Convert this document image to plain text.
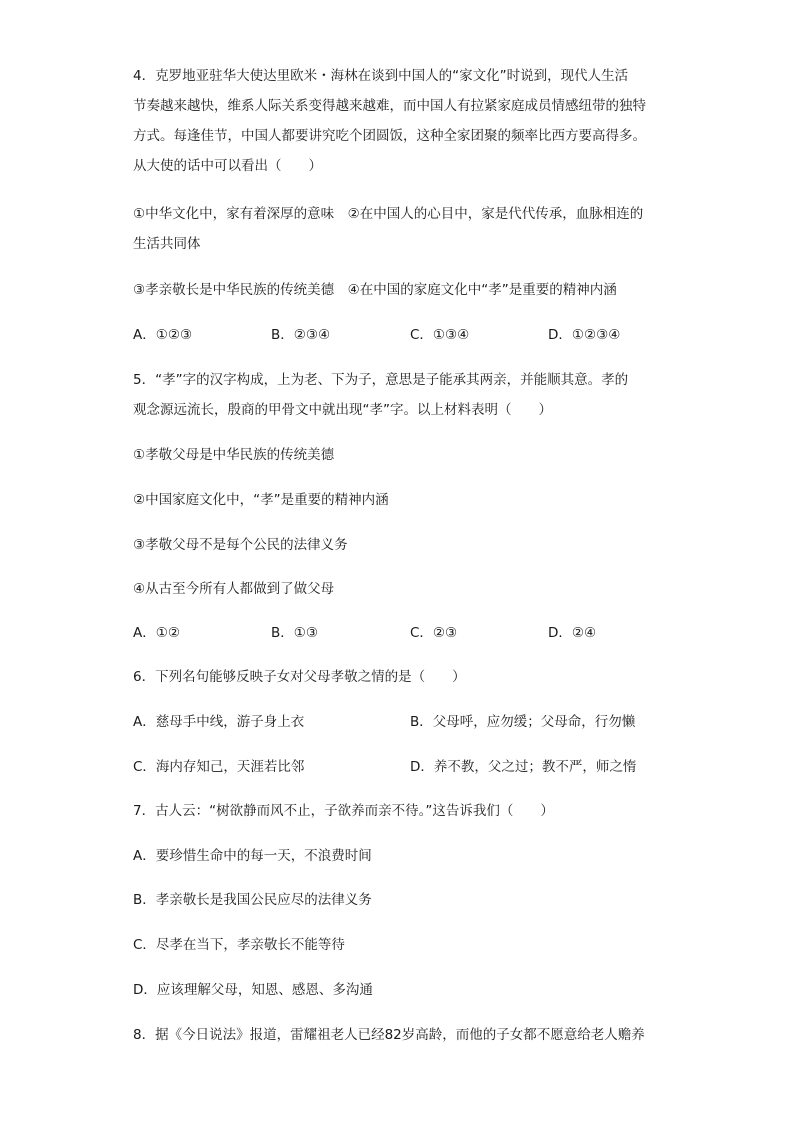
4．克罗地亚驻华大使达里欧米・海林在谈到中国人的“家文化”时说到，现代人生活
节奏越来越快，维系人际关系变得越来越难，而中国人有拉紧家庭成员情感纽带的独特
方式。每逢佳节，中国人都要讲究吃个团圆饭，这种全家团聚的频率比西方要高得多。
从大使的话中可以看出（　　）
①中华文化中，家有着深厚的意味　②在中国人的心目中，家是代代传承，血脉相连的
生活共同体
③孝亲敬长是中华民族的传统美德　④在中国的家庭文化中“孝”是重要的精神内涵
A．①②③	B．②③④	C．①③④	D．①②③④
5．“孝”字的汉字构成，上为老、下为子，意思是子能承其两亲，并能顺其意。孝的
观念源远流长，殷商的甲骨文中就出现“孝”字。以上材料表明（　　）
①孝敬父母是中华民族的传统美德
②中国家庭文化中，“孝”是重要的精神内涵
③孝敬父母不是每个公民的法律义务
④从古至今所有人都做到了做父母
A．①②	B．①③	C．②③	D．②④
6．下列名句能够反映子女对父母孝敬之情的是（　　）
A．慈母手中线，游子身上衣	B．父母呼，应勿缓；父母命，行勿懒
C．海内存知己，天涯若比邻	D．养不教，父之过；教不严，师之惰
7．古人云：“树欲静而风不止，子欲养而亲不待。”这告诉我们（　　）
A．要珍惜生命中的每一天，不浪费时间
B．孝亲敬长是我国公民应尽的法律义务
C．尽孝在当下，孝亲敬长不能等待
D．应该理解父母，知恩、感恩、多沟通
8．据《今日说法》报道，雷耀祖老人已经82岁高龄，而他的子女都不愿意给老人赡养
